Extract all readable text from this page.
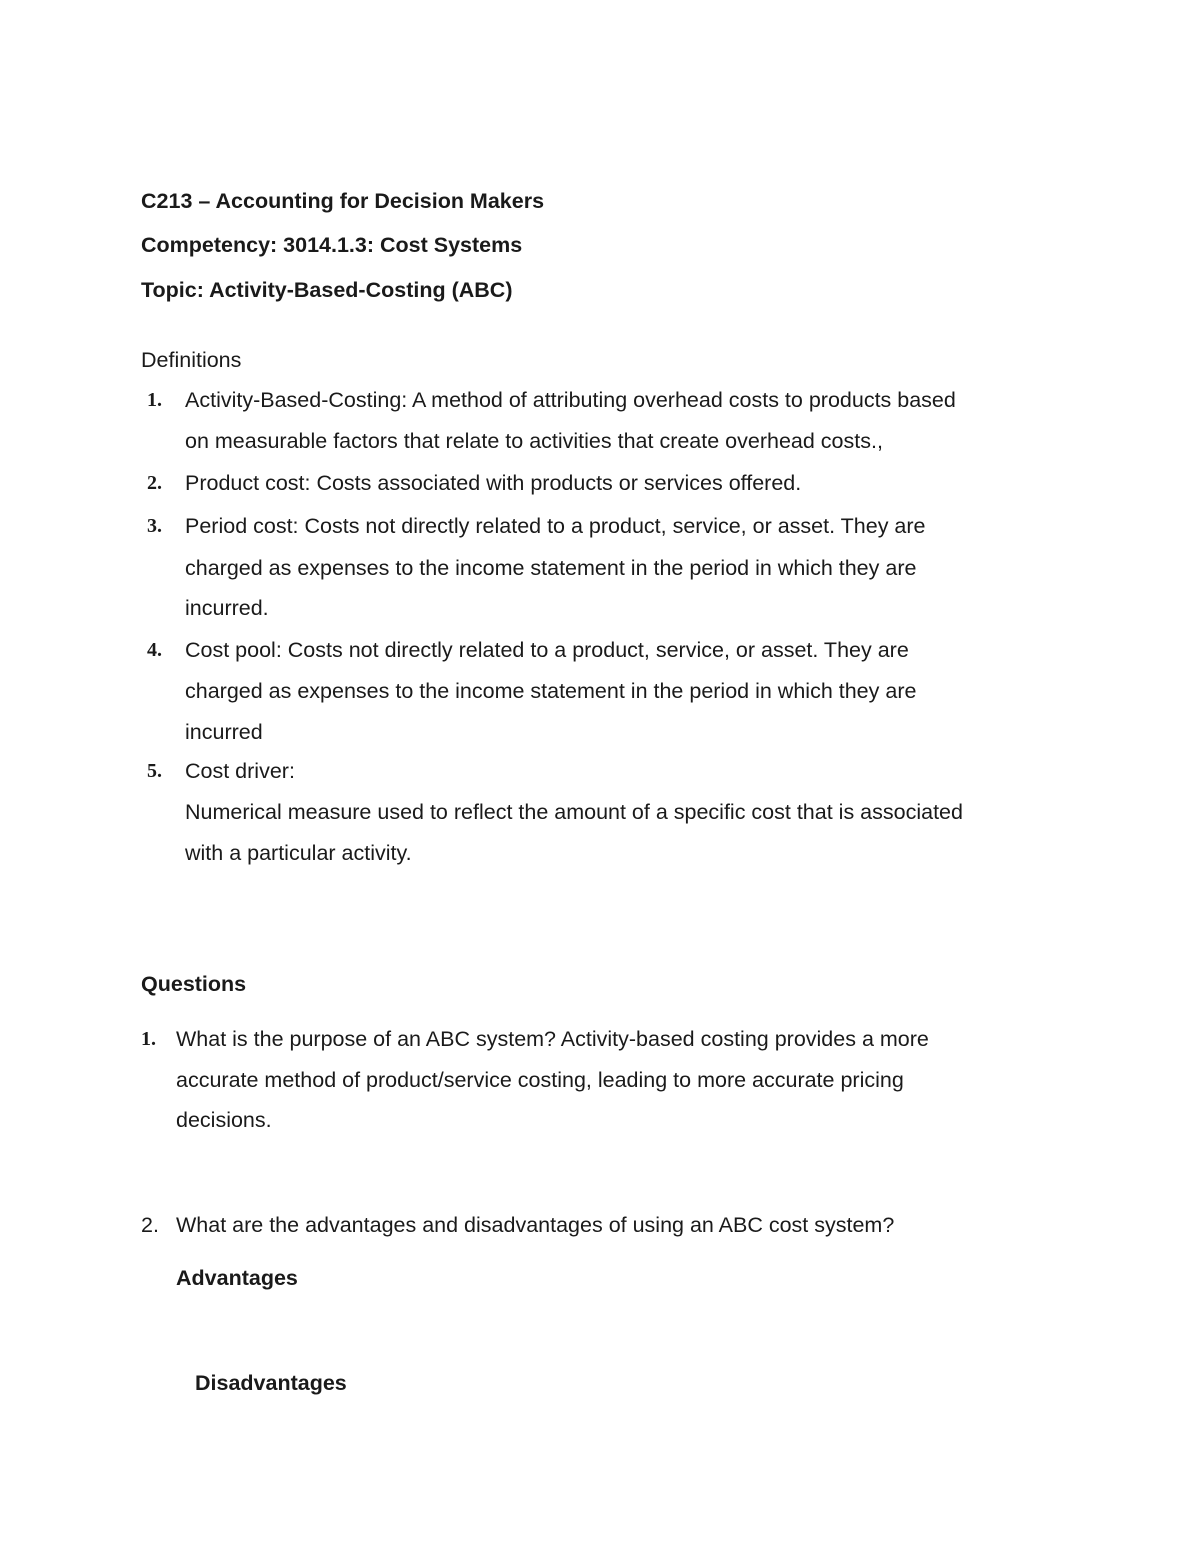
C213 – Accounting for Decision Makers
Competency: 3014.1.3: Cost Systems
Topic: Activity-Based-Costing (ABC)
Definitions
1. Activity-Based-Costing: A method of attributing overhead costs to products based
on measurable factors that relate to activities that create overhead costs.,
2. Product cost: Costs associated with products or services offered.
3. Period cost: Costs not directly related to a product, service, or asset. They are
charged as expenses to the income statement in the period in which they are
incurred.
4. Cost pool: Costs not directly related to a product, service, or asset. They are
charged as expenses to the income statement in the period in which they are
incurred
5. Cost driver:
Numerical measure used to reflect the amount of a specific cost that is associated
with a particular activity.
Questions
1. What is the purpose of an ABC system? Activity-based costing provides a more
accurate method of product/service costing, leading to more accurate pricing
decisions.
2. What are the advantages and disadvantages of using an ABC cost system?
Advantages
Disadvantages
